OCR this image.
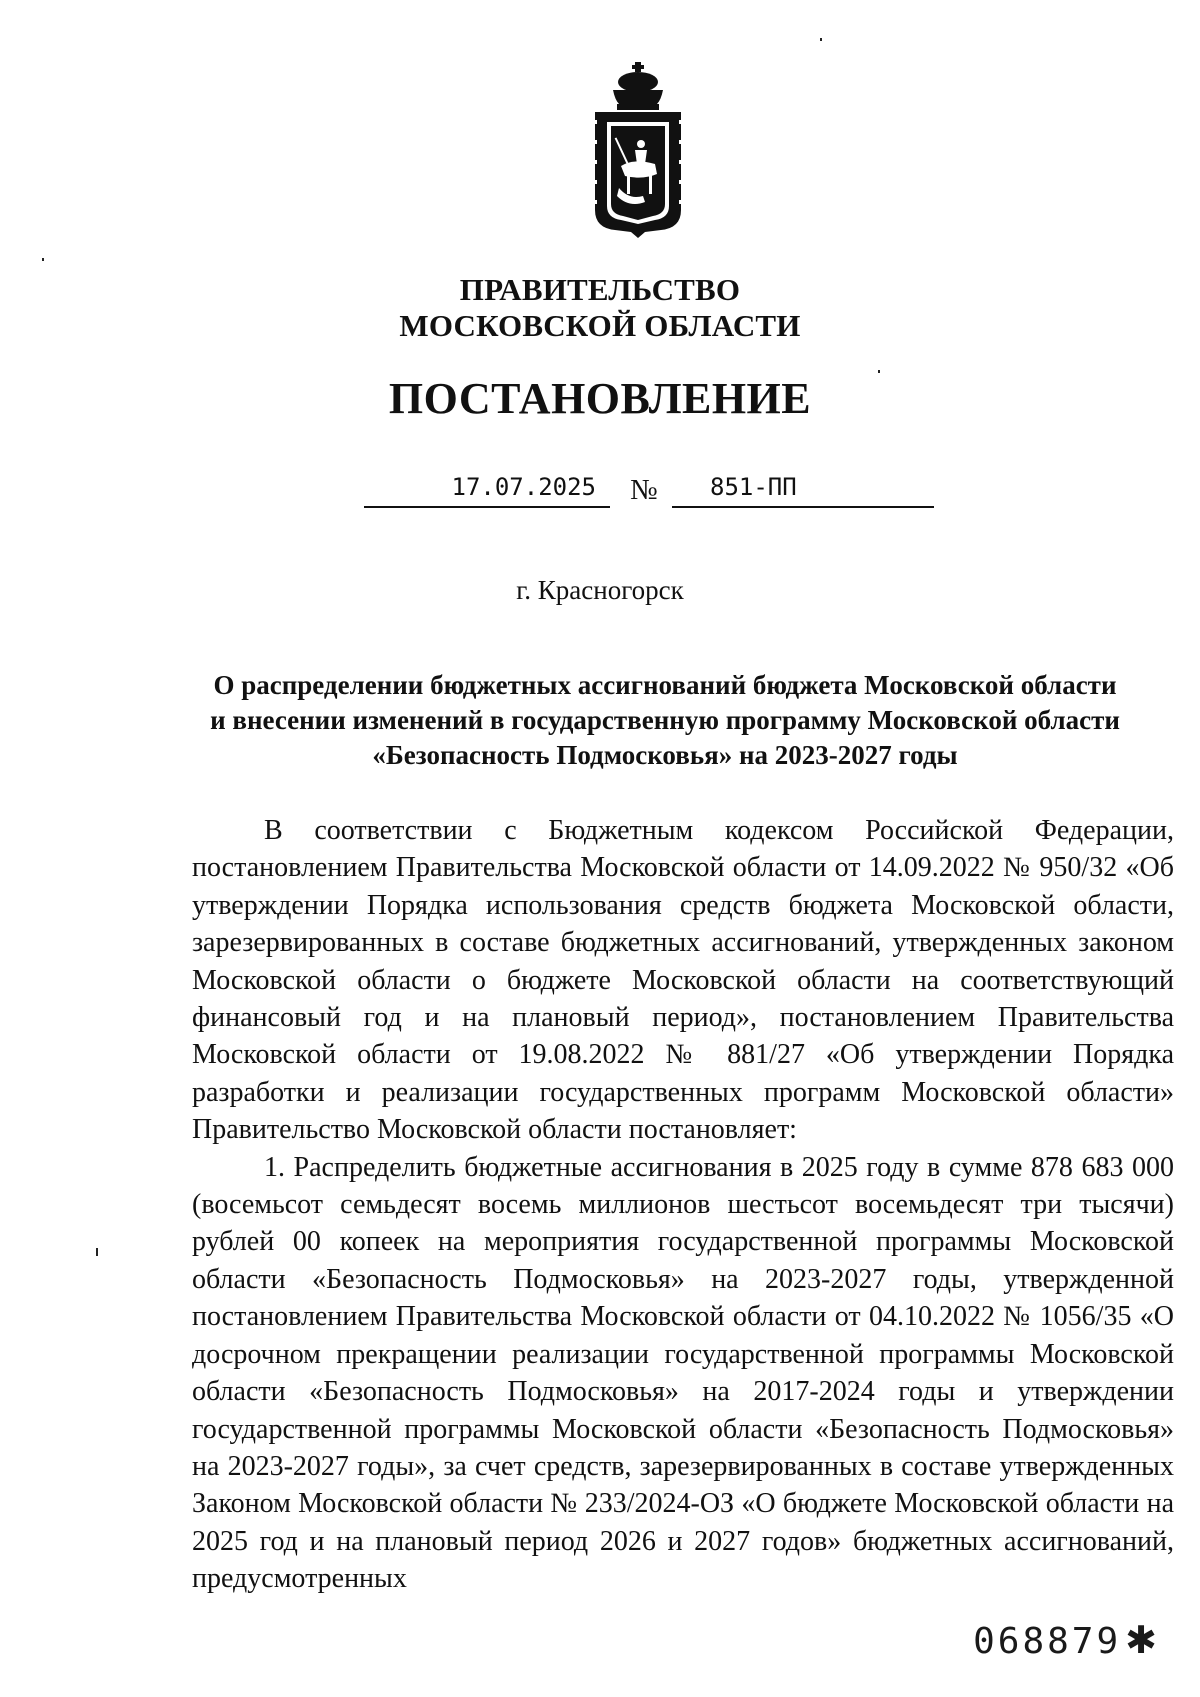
ПРАВИТЕЛЬСТВО
МОСКОВСКОЙ ОБЛАСТИ
ПОСТАНОВЛЕНИЕ
17.07.2025	№	851-ПП
г. Красногорск
О распределении бюджетных ассигнований бюджета Московской области
и внесении изменений в государственную программу Московской области
«Безопасность Подмосковья» на 2023-2027 годы

В соответствии с Бюджетным кодексом Российской Федерации, постановлением Правительства Московской области от 14.09.2022 № 950/32 «Об утверждении Порядка использования средств бюджета Московской области, зарезервированных в составе бюджетных ассигнований, утвержденных законом Московской области о бюджете Московской области на соответствующий финансовый год и на плановый период», постановлением Правительства Московской области от 19.08.2022 № 881/27 «Об утверждении Порядка разработки и реализации государственных программ Московской области» Правительство Московской области постановляет:

1. Распределить бюджетные ассигнования в 2025 году в сумме 878 683 000 (восемьсот семьдесят восемь миллионов шестьсот восемьдесят три тысячи) рублей 00 копеек на мероприятия государственной программы Московской области «Безопасность Подмосковья» на 2023-2027 годы, утвержденной постановлением Правительства Московской области от 04.10.2022 № 1056/35 «О досрочном прекращении реализации государственной программы Московской области «Безопасность Подмосковья» на 2017-2024 годы и утверждении государственной программы Московской области «Безопасность Подмосковья» на 2023-2027 годы», за счет средств, зарезервированных в составе утвержденных Законом Московской области № 233/2024-ОЗ «О бюджете Московской области на 2025 год и на плановый период 2026 и 2027 годов» бюджетных ассигнований, предусмотренных

068879 ✱
